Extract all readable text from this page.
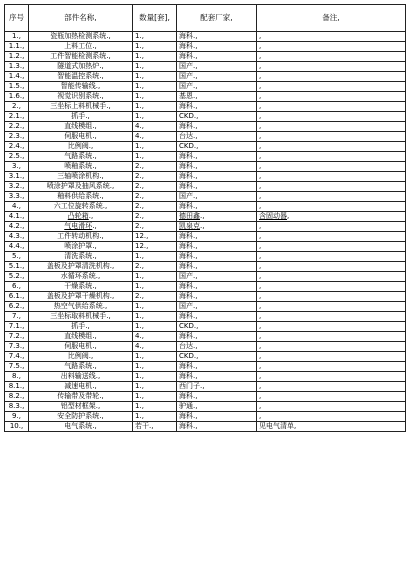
序号	部件名称,	数量[套],	配套厂家,	备注,
1.,	瓷瓶加热检测系统.,	1.,	海科.,	,
1.1.,	上料工位.,	1.,	海科.,	,
1.2.,	工件智能检测系统.,	1.,	海科.,	,
1.3.,	隧道式加热炉.,	1.,	国产.,	,
1.4.,	智能温控系统.,	1.,	国产.,	,
1.5.,	智能传输线.,	1.,	国产.,	,
1.6.,	视觉识别系统.,	1.,	基恩.,	,
2.,	三坐标上料机械手.,	1.,	海科.,	,
2.1.,	抓手.,	1.,	CKD.,	,
2.2.,	直线模组.,	4.,	海科.,	,
2.3.,	伺服电机.,	4.,	台达.,	,
2.4.,	比例阀.,	1.,	CKD.,	,
2.5.,	气路系统.,	1.,	海科.,	,
3.,	喷釉系统.,	2.,	海科.,	,
3.1.,	三轴喷涂机构.,	2.,	海科.,	,
3.2.,	喷涂护罩及抽风系统.,	2.,	海科.,	,
3.3.,	釉料供给系统.,	2.,	国产.,	,
4.,	六工位旋转系统.,	2.,	海科.,	,
4.1.,	凸轮箱.,	2.,	德田鑫.,	含固动器,
4.2.,	气电滑环.,	2.,	凯泉克.,	,
4.3.,	工件转动机构.,	12.,	海科.,	,
4.4.,	喷涂护罩.,	12.,	海科.,	,
5.,	清洗系统.,	1.,	海科.,	,
5.1.,	盖板及护罩清洗机构.,	2.,	海科.,	,
5.2.,	水循环系统.,	1.,	国产.,	,
6.,	干燥系统.,	1.,	海科.,	,
6.1.,	盖板及护罩干燥机构.,	2.,	海科.,	,
6.2.,	热空气供给系统.,	1.,	国产.,	,
7.,	三坐标取料机械手.,	1.,	海科.,	,
7.1.,	抓手.,	1.,	CKD.,	,
7.2.,	直线模组.,	4.,	海科.,	,
7.3.,	伺服电机.,	4.,	台达.,	,
7.4.,	比例阀.,	1.,	CKD.,	,
7.5.,	气路系统.,	1.,	海科.,	,
8.,	出料输送线.,	1.,	海科.,	,
8.1.,	减速电机.,	1.,	西门子.,	,
8.2.,	传输带及带轮.,	1.,	海科.,	,
8.3.,	铝型材框架.,	1.,	驴通.,	,
9.,	安全防护系统.,	1.,	海科.,	,
10.,	电气系统.,	若干.,	海科.,	见电气清单,
